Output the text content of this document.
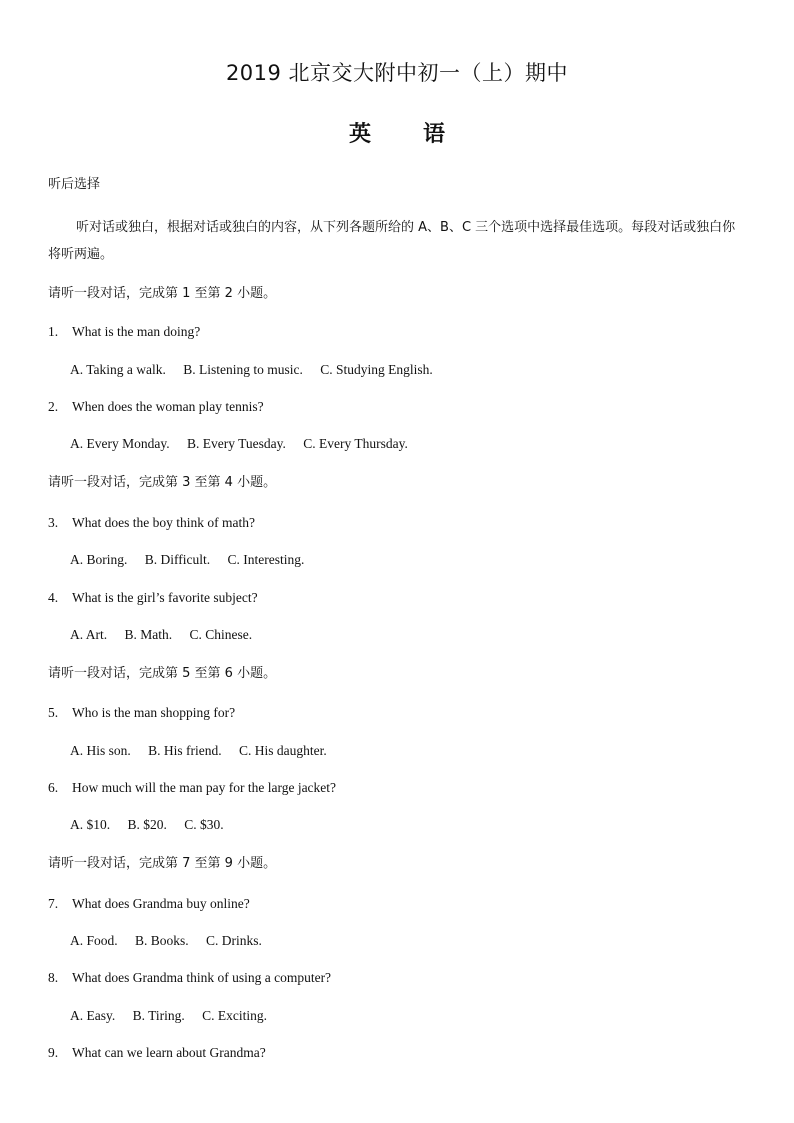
2019 北京交大附中初一（上）期中
英 语
听后选择
听对话或独白，根据对话或独白的内容，从下列各题所给的 A、B、C 三个选项中选择最佳选项。每段对话或独白你将听两遍。
请听一段对话，完成第 1 至第 2 小题。
1. What is the man doing?
A. Taking a walk. B. Listening to music. C. Studying English.
2. When does the woman play tennis?
A. Every Monday. B. Every Tuesday. C. Every Thursday.
请听一段对话，完成第 3 至第 4 小题。
3. What does the boy think of math?
A. Boring. B. Difficult. C. Interesting.
4. What is the girl’s favorite subject?
A. Art. B. Math. C. Chinese.
请听一段对话，完成第 5 至第 6 小题。
5. Who is the man shopping for?
A. His son. B. His friend. C. His daughter.
6. How much will the man pay for the large jacket?
A. $10. B. $20. C. $30.
请听一段对话，完成第 7 至第 9 小题。
7. What does Grandma buy online?
A. Food. B. Books. C. Drinks.
8. What does Grandma think of using a computer?
A. Easy. B. Tiring. C. Exciting.
9. What can we learn about Grandma?
